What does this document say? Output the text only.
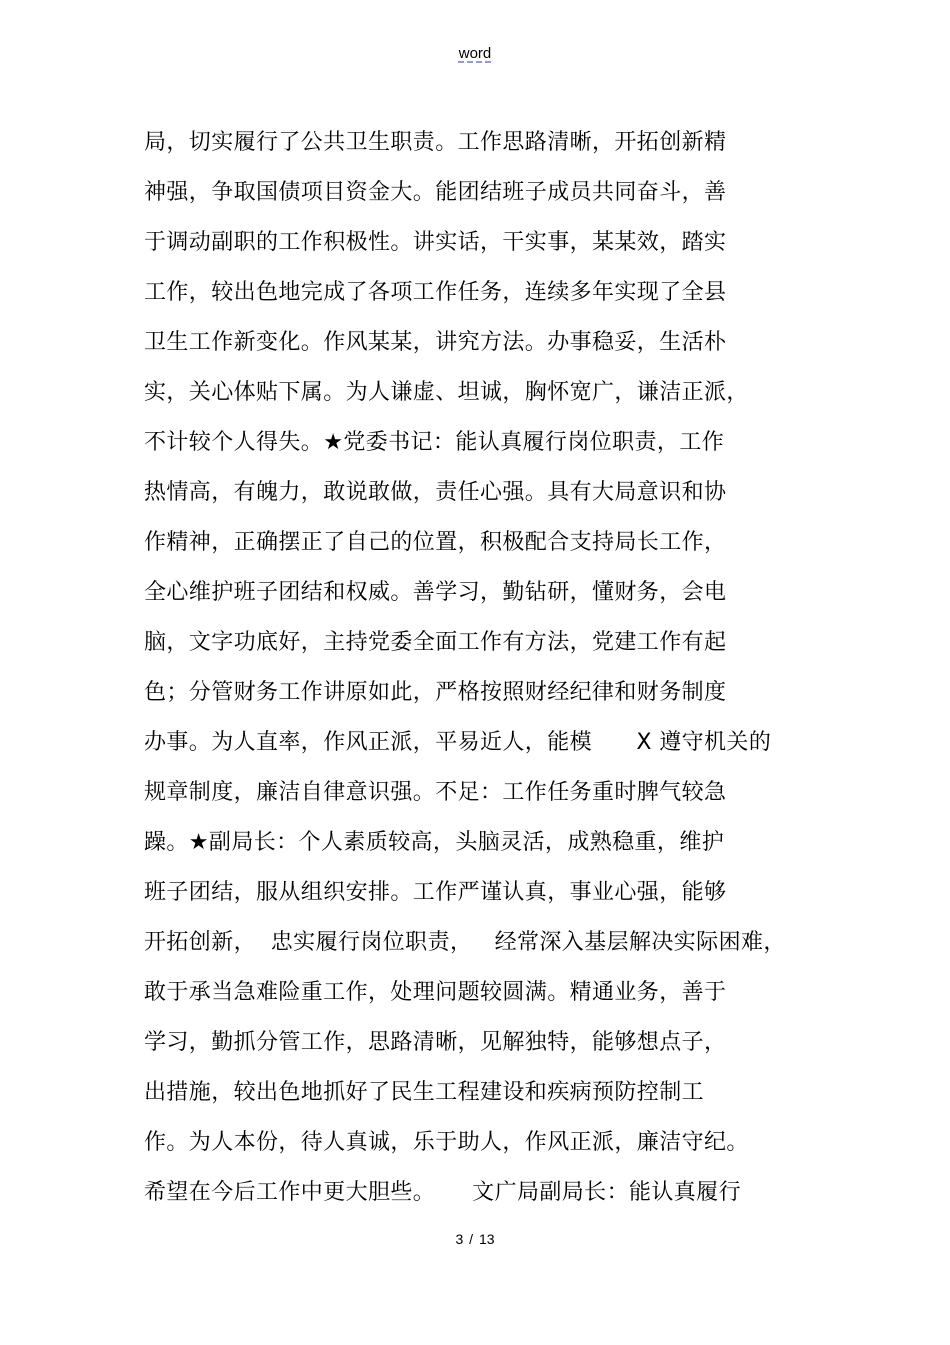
word
局，切实履行了公共卫生职责。工作思路清晰，开拓创新精
神强，争取国债项目资金大。能团结班子成员共同奋斗，善
于调动副职的工作积极性。讲实话，干实事，某某效，踏实
工作，较出色地完成了各项工作任务，连续多年实现了全县
卫生工作新变化。作风某某，讲究方法。办事稳妥，生活朴
实，关心体贴下属。为人谦虚、坦诚，胸怀宽广，谦洁正派，
不计较个人得失。★党委书记：能认真履行岗位职责，工作
热情高，有魄力，敢说敢做，责任心强。具有大局意识和协
作精神，正确摆正了自己的位置，积极配合支持局长工作，
全心维护班子团结和权威。善学习，勤钻研，懂财务，会电
脑，文字功底好，主持党委全面工作有方法，党建工作有起
色；分管财务工作讲原如此，严格按照财经纪律和财务制度
办事。为人直率，作风正派，平易近人，能模      X 遵守机关的
规章制度，廉洁自律意识强。不足：工作任务重时脾气较急
躁。★副局长：个人素质较高，头脑灵活，成熟稳重，维护
班子团结，服从组织安排。工作严谨认真，事业心强，能够
开拓创新，  忠实履行岗位职责，   经常深入基层解决实际困难，
敢于承当急难险重工作，处理问题较圆满。精通业务，善于
学习，勤抓分管工作，思路清晰，见解独特，能够想点子，
出措施，较出色地抓好了民生工程建设和疾病预防控制工
作。为人本份，待人真诚，乐于助人，作风正派，廉洁守纪。
希望在今后工作中更大胆些。     文广局副局长：能认真履行
3 / 13
